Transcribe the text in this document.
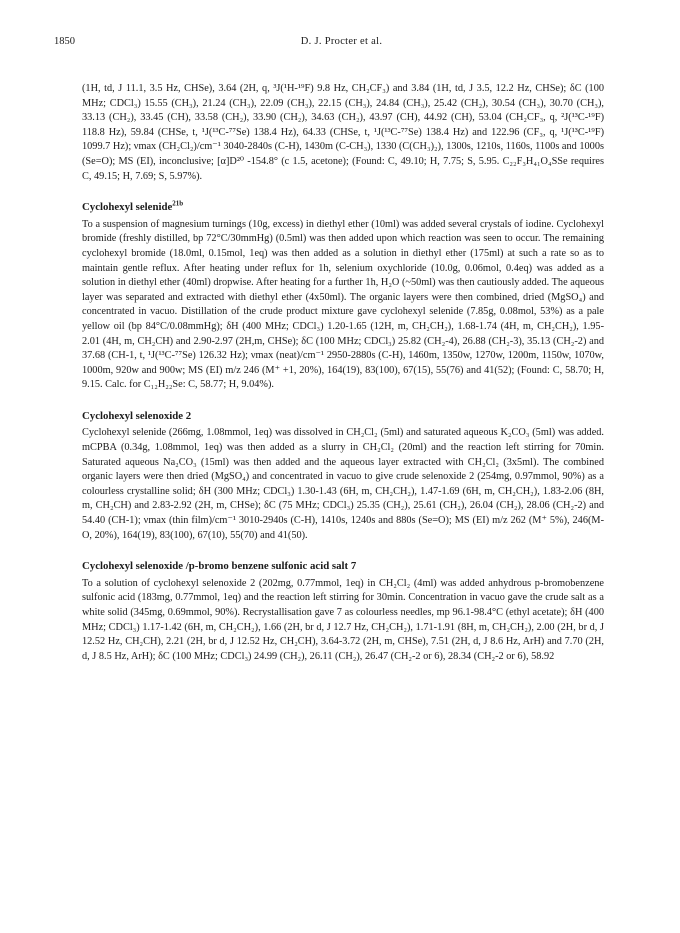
1850	D. J. Procter et al.

(1H, td, J 11.1, 3.5 Hz, CHSe), 3.64 (2H, q, ³J(¹H-¹⁹F) 9.8 Hz, CH₂CF₃) and 3.84 (1H, td, J 3.5, 12.2 Hz, CHSe); δC (100 MHz; CDCl₃) 15.55 (CH₃), 21.24 (CH₃), 22.09 (CH₃), 22.15 (CH₃), 24.84 (CH₃), 25.42 (CH₂), 30.54 (CH₃), 30.70 (CH₃), 33.13 (CH₂), 33.45 (CH), 33.58 (CH₂), 33.90 (CH₂), 34.63 (CH₂), 43.97 (CH), 44.92 (CH), 53.04 (CH₂CF₃, q, ²J(¹³C-¹⁹F) 118.8 Hz), 59.84 (CHSe, t, ¹J(¹³C-⁷⁷Se) 138.4 Hz), 64.33 (CHSe, t, ¹J(¹³C-⁷⁷Se) 138.4 Hz) and 122.96 (CF₃, q, ¹J(¹³C-¹⁹F) 1099.7 Hz); νmax (CH₂Cl₂)/cm⁻¹ 3040-2840s (C-H), 1430m (C-CH₃), 1330 (C(CH₃)₂), 1300s, 1210s, 1160s, 1100s and 1000s (Se=O); MS (EI), inconclusive; [α]D²⁰ -154.8° (c 1.5, acetone); (Found: C, 49.10; H, 7.75; S, 5.95. C₂₂F₃H₄₁O₄SSe requires C, 49.15; H, 7.69; S, 5.97%).

Cyclohexyl selenide$^{21b}$

To a suspension of magnesium turnings (10g, excess) in diethyl ether (10ml) was added several crystals of iodine. Cyclohexyl bromide (freshly distilled, bp 72°C/30mmHg) (0.5ml) was then added upon which reaction was seen to occur. The remaining cyclohexyl bromide (18.0ml, 0.15mol, 1eq) was then added as a solution in diethyl ether (175ml) at such a rate so as to maintain gentle reflux. After heating under reflux for 1h, selenium oxychloride (10.0g, 0.06mol, 0.4eq) was added as a solution in diethyl ether (40ml) dropwise. After heating for a further 1h, H₂O (~50ml) was then cautiously added. The aqueous layer was separated and extracted with diethyl ether (4x50ml). The organic layers were then combined, dried (MgSO₄) and concentrated in vacuo. Distillation of the crude product mixture gave cyclohexyl selenide (7.85g, 0.08mol, 53%) as a pale yellow oil (bp 84°C/0.08mmHg); δH (400 MHz; CDCl₃) 1.20-1.65 (12H, m, CH₂CH₂), 1.68-1.74 (4H, m, CH₂CH₂), 1.95-2.01 (4H, m, CH₂CH) and 2.90-2.97 (2H,m, CHSe); δC (100 MHz; CDCl₃) 25.82 (CH₂-4), 26.88 (CH₂-3), 35.13 (CH₂-2) and 37.68 (CH-1, t, ¹J(¹³C-⁷⁷Se) 126.32 Hz); νmax (neat)/cm⁻¹ 2950-2880s (C-H), 1460m, 1350w, 1270w, 1200m, 1150w, 1070w, 1000m, 920w and 900w; MS (EI) m/z 246 (M⁺ +1, 20%), 164(19), 83(100), 67(15), 55(76) and 41(52); (Found: C, 58.70; H, 9.15. Calc. for C₁₂H₂₂Se: C, 58.77; H, 9.04%).

Cyclohexyl selenoxide 2

Cyclohexyl selenide (266mg, 1.08mmol, 1eq) was dissolved in CH₂Cl₂ (5ml) and saturated aqueous K₂CO₃ (5ml) was added. mCPBA (0.34g, 1.08mmol, 1eq) was then added as a slurry in CH₂Cl₂ (20ml) and the reaction left stirring for 70min. Saturated aqueous Na₂CO₃ (15ml) was then added and the aqueous layer extracted with CH₂Cl₂ (3x5ml). The combined organic layers were then dried (MgSO₄) and concentrated in vacuo to give crude selenoxide 2 (254mg, 0.97mmol, 90%) as a colourless crystalline solid; δH (300 MHz; CDCl₃) 1.30-1.43 (6H, m, CH₂CH₂), 1.47-1.69 (6H, m, CH₂CH₂), 1.83-2.06 (8H, m, CH₂CH) and 2.83-2.92 (2H, m, CHSe); δC (75 MHz; CDCl₃) 25.35 (CH₂), 25.61 (CH₂), 26.04 (CH₂), 28.06 (CH₂-2) and 54.40 (CH-1); νmax (thin film)/cm⁻¹ 3010-2940s (C-H), 1410s, 1240s and 880s (Se=O); MS (EI) m/z 262 (M⁺ 5%), 246(M-O, 20%), 164(19), 83(100), 67(10), 55(70) and 41(50).

Cyclohexyl selenoxide /p-bromo benzene sulfonic acid salt 7

To a solution of cyclohexyl selenoxide 2 (202mg, 0.77mmol, 1eq) in CH₂Cl₂ (4ml) was added anhydrous p-bromobenzene sulfonic acid (183mg, 0.77mmol, 1eq) and the reaction left stirring for 30min. Concentration in vacuo gave the crude salt as a white solid (345mg, 0.69mmol, 90%). Recrystallisation gave 7 as colourless needles, mp 96.1-98.4°C (ethyl acetate); δH (400 MHz; CDCl₃) 1.17-1.42 (6H, m, CH₂CH₂), 1.66 (2H, br d, J 12.7 Hz, CH₂CH₂), 1.71-1.91 (8H, m, CH₂CH₂), 2.00 (2H, br d, J 12.52 Hz, CH₂CH), 2.21 (2H, br d, J 12.52 Hz, CH₂CH), 3.64-3.72 (2H, m, CHSe), 7.51 (2H, d, J 8.6 Hz, ArH) and 7.70 (2H, d, J 8.5 Hz, ArH); δC (100 MHz; CDCl₃) 24.99 (CH₂), 26.11 (CH₂), 26.47 (CH₂-2 or 6), 28.34 (CH₂-2 or 6), 58.92
